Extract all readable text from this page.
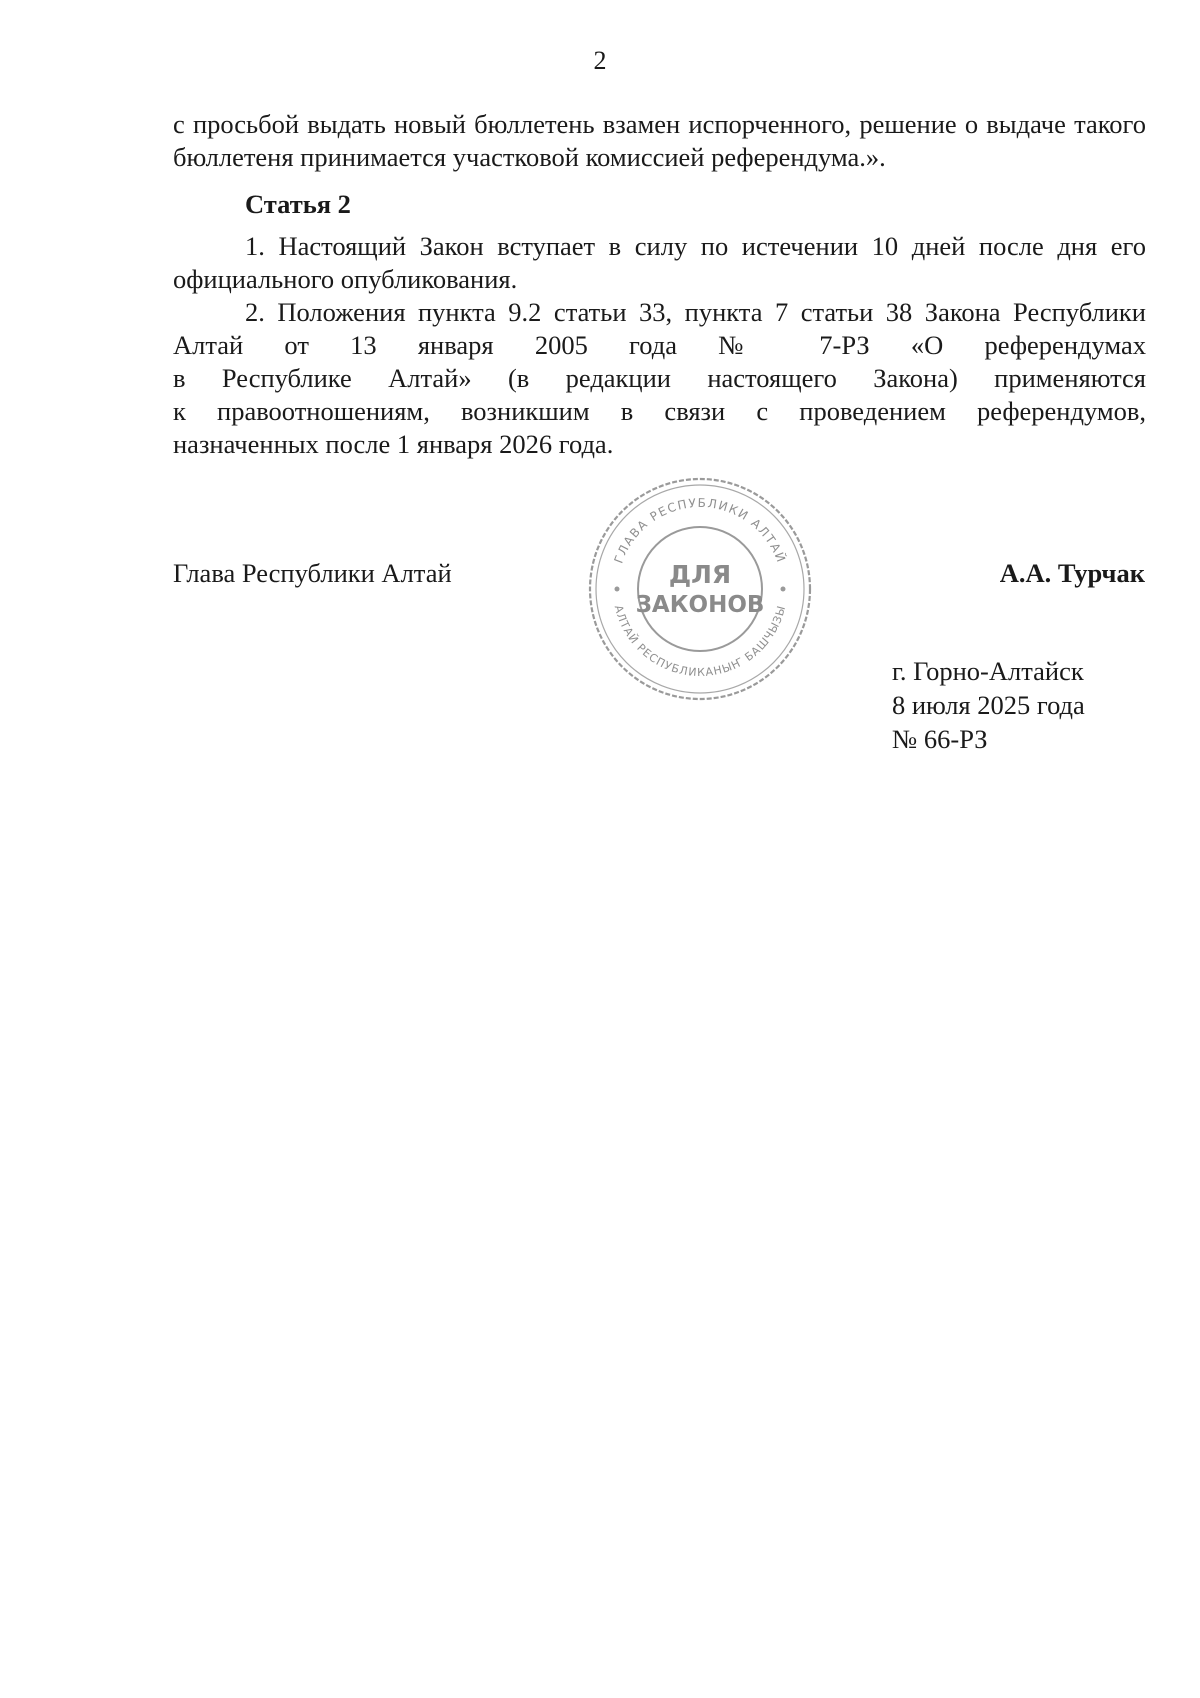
2

с просьбой выдать новый бюллетень взамен испорченного, решение о выдаче такого бюллетеня принимается участковой комиссией референдума.».

Статья 2

1. Настоящий Закон вступает в силу по истечении 10 дней после дня его официального опубликования.

2. Положения пункта 9.2 статьи 33, пункта 7 статьи 38 Закона Республики
Алтай от 13 января 2005 года № 7-РЗ «О референдумах
в Республике Алтай» (в редакции настоящего Закона) применяются
к правоотношениям, возникшим в связи с проведением референдумов,
назначенных после 1 января 2026 года.
Глава Республики Алтай	ГЛАВА РЕСПУБЛИКИ АЛТАЙ
АЛТАЙ РЕСПУБЛИКАНЫҤ БАШЧЫЗЫ
ДЛЯ
ЗАКОНОВ
А.А. Турчак
г. Горно-Алтайск
8 июля 2025 года
№ 66-РЗ
